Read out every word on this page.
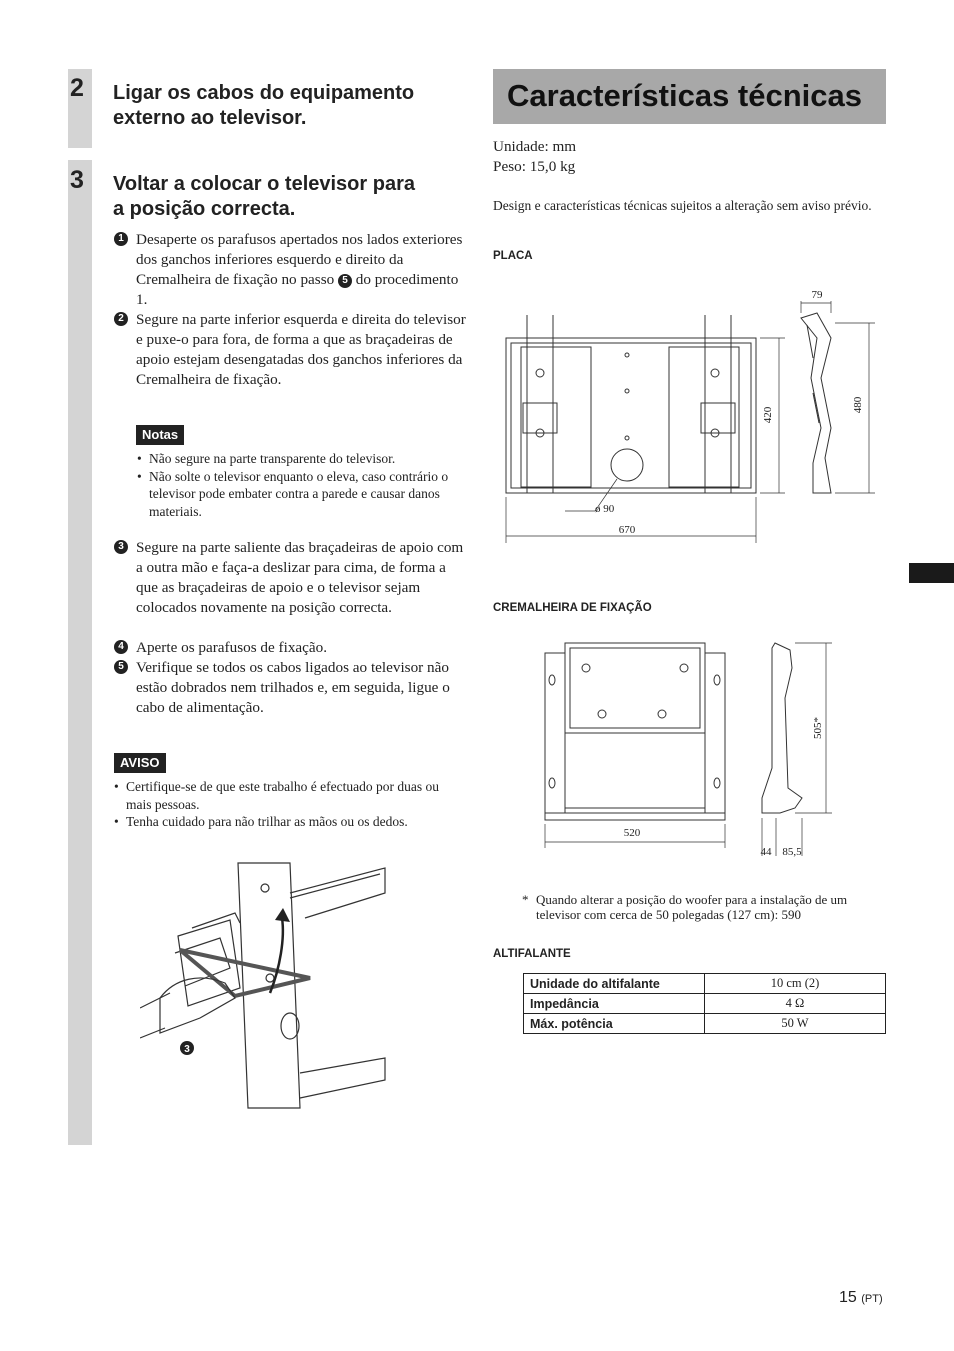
2 Ligar os cabos do equipamento
externo ao televisor.
3 Voltar a colocar o televisor para
a posição correcta.
1 Desaperte os parafusos apertados nos lados exteriores dos ganchos inferiores esquerdo e direito da Cremalheira de fixação no passo 5 do procedimento 1.
2 Segure na parte inferior esquerda e direita do televisor e puxe-o para fora, de forma a que as braçadeiras de apoio estejam desengatadas dos ganchos inferiores da Cremalheira de fixação.
Notas
• Não segure na parte transparente do televisor.
• Não solte o televisor enquanto o eleva, caso contrário o televisor pode embater contra a parede e causar danos materiais.
3 Segure na parte saliente das braçadeiras de apoio com a outra mão e faça-a deslizar para cima, de forma a que as braçadeiras de apoio e o televisor sejam colocados novamente na posição correcta.
4 Aperte os parafusos de fixação.
5 Verifique se todos os cabos ligados ao televisor não estão dobrados nem trilhados e, em seguida, ligue o cabo de alimentação.
AVISO
• Certifique-se de que este trabalho é efectuado por duas ou mais pessoas.
• Tenha cuidado para não trilhar as mãos ou os dedos.
3
Características técnicas
Unidade: mm
Peso: 15,0 kg
Design e características técnicas sujeitos a alteração sem aviso prévio.
PLACA
670
420
480
79
ø 90
CREMALHEIRA DE FIXAÇÃO
520
505*
44 85,5
* Quando alterar a posição do woofer para a instalação de um televisor com cerca de 50 polegadas (127 cm): 590
ALTIFALANTE
Unidade do altifalante	10 cm (2)
Impedância	4 Ω
Máx. potência	50 W
15 (PT)
